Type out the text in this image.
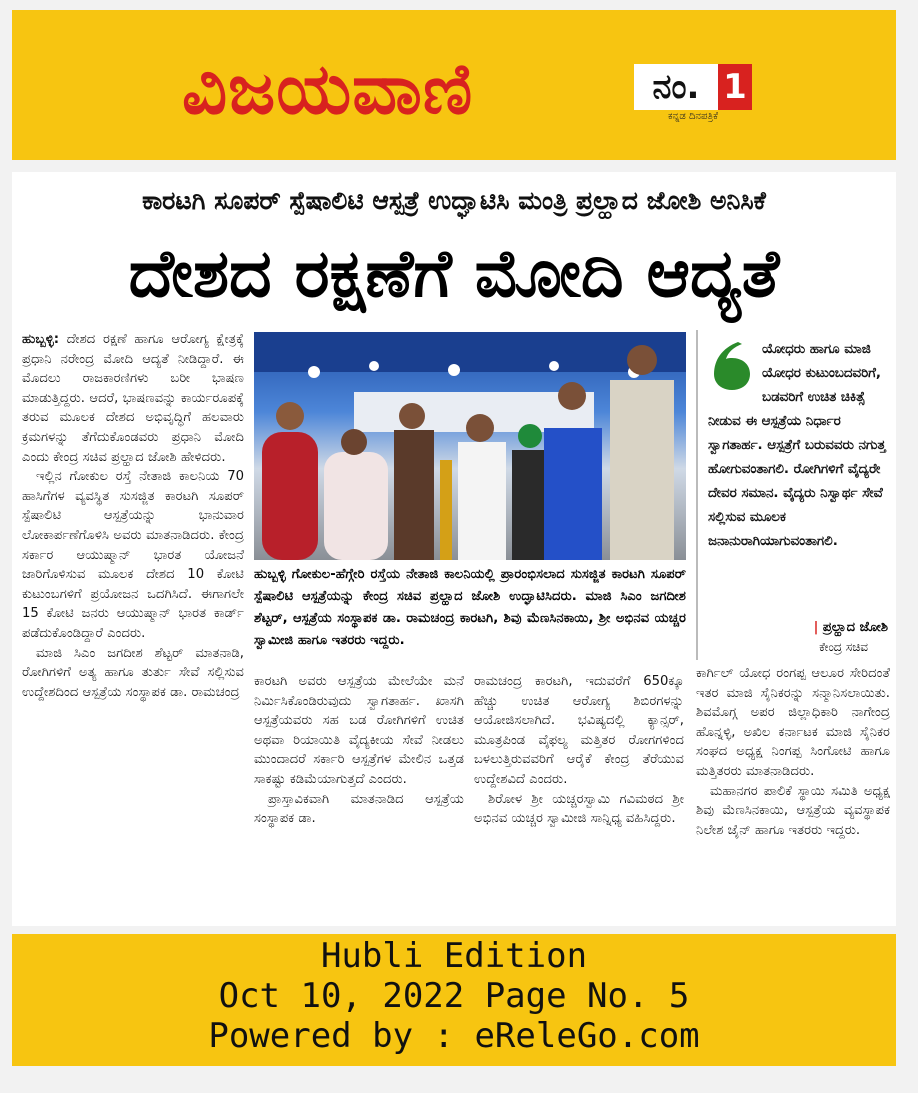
ವಿಜಯವಾಣಿ	ನಂ. 1
ಕನ್ನಡ ದಿನಪತ್ರಿಕೆ
ಕಾರಟಗಿ ಸೂಪರ್ ಸ್ಪೆಷಾಲಿಟಿ ಆಸ್ಪತ್ರೆ ಉದ್ಘಾಟಿಸಿ ಮಂತ್ರಿ ಪ್ರಲ್ಹಾದ ಜೋಶಿ ಅನಿಸಿಕೆ
ದೇಶದ ರಕ್ಷಣೆಗೆ ಮೋದಿ ಆದ್ಯತೆ

ಹುಬ್ಬಳ್ಳಿ: ದೇಶದ ರಕ್ಷಣೆ ಹಾಗೂ ಆರೋಗ್ಯ ಕ್ಷೇತ್ರಕ್ಕೆ ಪ್ರಧಾನಿ ನರೇಂದ್ರ ಮೋದಿ ಆದ್ಯತೆ ನೀಡಿದ್ದಾರೆ. ಈ ಮೊದಲು ರಾಜಕಾರಣಿಗಳು ಬರೀ ಭಾಷಣ ಮಾಡುತ್ತಿದ್ದರು. ಆದರೆ, ಭಾಷಣವನ್ನು ಕಾರ್ಯರೂಪಕ್ಕೆ ತರುವ ಮೂಲಕ ದೇಶದ ಅಭಿವೃದ್ಧಿಗೆ ಹಲವಾರು ಕ್ರಮಗಳನ್ನು ತೆಗೆದುಕೊಂಡವರು ಪ್ರಧಾನಿ ಮೋದಿ ಎಂದು ಕೇಂದ್ರ ಸಚಿವ ಪ್ರಲ್ಹಾದ ಜೋಶಿ ಹೇಳಿದರು.

ಇಲ್ಲಿನ ಗೋಕುಲ ರಸ್ತೆ ನೇತಾಜಿ ಕಾಲನಿಯ 70 ಹಾಸಿಗೆಗಳ ವ್ಯವಸ್ಥಿತ ಸುಸಜ್ಜಿತ ಕಾರಟಗಿ ಸೂಪರ್ ಸ್ಪೆಷಾಲಿಟಿ ಆಸ್ಪತ್ರೆಯನ್ನು ಭಾನುವಾರ ಲೋಕಾರ್ಪಣೆಗೊಳಿಸಿ ಅವರು ಮಾತನಾಡಿದರು. ಕೇಂದ್ರ ಸರ್ಕಾರ ಆಯುಷ್ಮಾನ್ ಭಾರತ ಯೋಜನೆ ಜಾರಿಗೊಳಿಸುವ ಮೂಲಕ ದೇಶದ 10 ಕೋಟಿ ಕುಟುಂಬಗಳಿಗೆ ಪ್ರಯೋಜನ ಒದಗಿಸಿದೆ. ಈಗಾಗಲೇ 15 ಕೋಟಿ ಜನರು ಆಯುಷ್ಮಾನ್ ಭಾರತ ಕಾರ್ಡ್ ಪಡೆದುಕೊಂಡಿದ್ದಾರೆ ಎಂದರು.

ಮಾಜಿ ಸಿಎಂ ಜಗದೀಶ ಶೆಟ್ಟರ್ ಮಾತನಾಡಿ, ರೋಗಿಗಳಿಗೆ ಅತ್ಯ ಹಾಗೂ ತುರ್ತು ಸೇವೆ ಸಲ್ಲಿಸುವ ಉದ್ದೇಶದಿಂದ ಆಸ್ಪತ್ರೆಯ ಸಂಸ್ಥಾಪಕ ಡಾ. ರಾಮಚಂದ್ರ

ಹುಬ್ಬಳ್ಳಿ ಗೋಕುಲ-ಹೆಗ್ಗೇರಿ ರಸ್ತೆಯ ನೇತಾಜಿ ಕಾಲನಿಯಲ್ಲಿ ಪ್ರಾರಂಭಿಸಲಾದ ಸುಸಜ್ಜಿತ ಕಾರಟಗಿ ಸೂಪರ್ ಸ್ಪೆಷಾಲಿಟಿ ಆಸ್ಪತ್ರೆಯನ್ನು ಕೇಂದ್ರ ಸಚಿವ ಪ್ರಲ್ಹಾದ ಜೋಶಿ ಉದ್ಘಾಟಿಸಿದರು. ಮಾಜಿ ಸಿಎಂ ಜಗದೀಶ ಶೆಟ್ಟರ್, ಆಸ್ಪತ್ರೆಯ ಸಂಸ್ಥಾಪಕ ಡಾ. ರಾಮಚಂದ್ರ ಕಾರಟಗಿ, ಶಿವು ಮೆಣಸಿನಕಾಯಿ, ಶ್ರೀ ಅಭಿನವ ಯಚ್ಚರ ಸ್ವಾಮೀಜಿ ಹಾಗೂ ಇತರರು ಇದ್ದರು.
ಯೋಧರು ಹಾಗೂ ಮಾಜಿ ಯೋಧರ ಕುಟುಂಬದವರಿಗೆ, ಬಡವರಿಗೆ ಉಚಿತ ಚಿಕಿತ್ಸೆ ನೀಡುವ ಈ ಆಸ್ಪತ್ರೆಯ ನಿರ್ಧಾರ ಸ್ವಾಗತಾರ್ಹ. ಆಸ್ಪತ್ರೆಗೆ ಬರುವವರು ನಗುತ್ತ ಹೋಗುವಂತಾಗಲಿ. ರೋಗಿಗಳಿಗೆ ವೈದ್ಯರೇ ದೇವರ ಸಮಾನ. ವೈದ್ಯರು ನಿಸ್ವಾರ್ಥ ಸೇವೆ ಸಲ್ಲಿಸುವ ಮೂಲಕ ಜನಾನುರಾಗಿಯಾಗುವಂತಾಗಲಿ.
| ಪ್ರಲ್ಹಾದ ಜೋಶಿ
ಕೇಂದ್ರ ಸಚಿವ

ಕಾರಟಗಿ ಅವರು ಆಸ್ಪತ್ರೆಯ ಮೇಲೆಯೇ ಮನೆ ನಿರ್ಮಿಸಿಕೊಂಡಿರುವುದು ಸ್ವಾಗತಾರ್ಹ. ಖಾಸಗಿ ಆಸ್ಪತ್ರೆಯವರು ಸಹ ಬಡ ರೋಗಿಗಳಿಗೆ ಉಚಿತ ಅಥವಾ ರಿಯಾಯಿತಿ ವೈದ್ಯಕೀಯ ಸೇವೆ ನೀಡಲು ಮುಂದಾದರೆ ಸರ್ಕಾರಿ ಆಸ್ಪತ್ರೆಗಳ ಮೇಲಿನ ಒತ್ತಡ ಸಾಕಷ್ಟು ಕಡಿಮೆಯಾಗುತ್ತದೆ ಎಂದರು.

ಪ್ರಾಸ್ತಾವಿಕವಾಗಿ ಮಾತನಾಡಿದ ಆಸ್ಪತ್ರೆಯ ಸಂಸ್ಥಾಪಕ ಡಾ.

ರಾಮಚಂದ್ರ ಕಾರಟಗಿ, ಇದುವರೆಗೆ 650ಕ್ಕೂ ಹೆಚ್ಚು ಉಚಿತ ಆರೋಗ್ಯ ಶಿಬಿರಗಳನ್ನು ಆಯೋಜಿಸಲಾಗಿದೆ. ಭವಿಷ್ಯದಲ್ಲಿ ಕ್ಯಾನ್ಸರ್, ಮೂತ್ರಪಿಂಡ ವೈಫಲ್ಯ ಮತ್ತಿತರ ರೋಗಗಳಿಂದ ಬಳಲುತ್ತಿರುವವರಿಗೆ ಆರೈಕೆ ಕೇಂದ್ರ ತೆರೆಯುವ ಉದ್ದೇಶವಿದೆ ಎಂದರು.

ಶಿರೋಳ ಶ್ರೀ ಯಚ್ಚರಸ್ವಾಮಿ ಗವಿಮಠದ ಶ್ರೀ ಅಭಿನವ ಯಚ್ಚರ ಸ್ವಾಮೀಜಿ ಸಾನ್ನಿಧ್ಯ ವಹಿಸಿದ್ದರು.

ಕಾರ್ಗಿಲ್ ಯೋಧ ರಂಗಪ್ಪ ಆಲೂರ ಸೇರಿದಂತೆ ಇತರ ಮಾಜಿ ಸೈನಿಕರನ್ನು ಸನ್ಮಾನಿಸಲಾಯಿತು. ಶಿವಮೊಗ್ಗ ಅಪರ ಜಿಲ್ಲಾಧಿಕಾರಿ ನಾಗೇಂದ್ರ ಹೊನ್ನಳ್ಳಿ, ಅಖಿಲ ಕರ್ನಾಟಕ ಮಾಜಿ ಸೈನಿಕರ ಸಂಘದ ಅಧ್ಯಕ್ಷ ನಿಂಗಪ್ಪ ಸಿಂಗೋಟಿ ಹಾಗೂ ಮತ್ತಿತರರು ಮಾತನಾಡಿದರು.

ಮಹಾನಗರ ಪಾಲಿಕೆ ಸ್ಥಾಯಿ ಸಮಿತಿ ಅಧ್ಯಕ್ಷ ಶಿವು ಮೆಣಸಿನಕಾಯಿ, ಆಸ್ಪತ್ರೆಯ ವ್ಯವಸ್ಥಾಪಕ ನಿಲೇಶ ಜೈನ್ ಹಾಗೂ ಇತರರು ಇದ್ದರು.

Hubli Edition
Oct 10, 2022 Page No. 5
Powered by : eReleGo.com
